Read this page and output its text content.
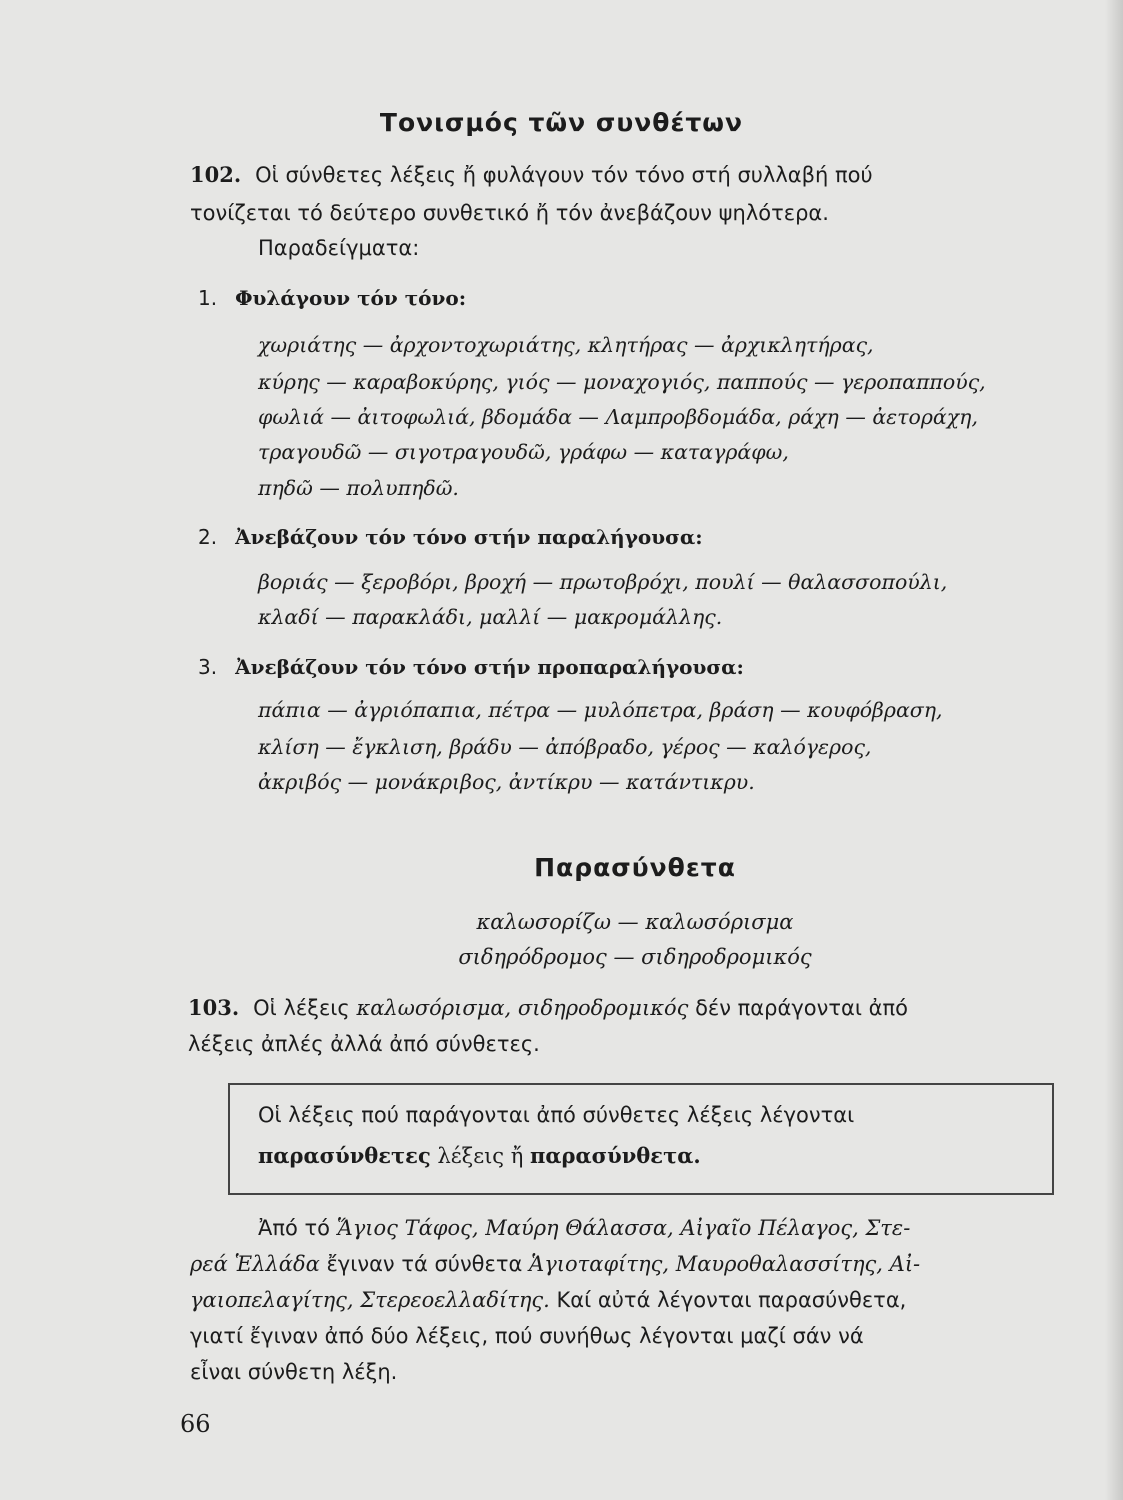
Τονισμός τῶν συνθέτων
102. Οἱ σύνθετες λέξεις ἤ φυλάγουν τόν τόνο στή συλλαβή πού
τονίζεται τό δεύτερο συνθετικό ἤ τόν ἀνεβάζουν ψηλότερα.
Παραδείγματα:
1. Φυλάγουν τόν τόνο:
χωριάτης — ἀρχοντοχωριάτης, κλητήρας — ἀρχικλητήρας,
κύρης — καραβοκύρης, γιός — μοναχογιός, παππούς — γεροπαππούς,
φωλιά — ἀιτοφωλιά, βδομάδα — Λαμπροβδομάδα, ράχη — ἀετοράχη,
τραγουδῶ — σιγοτραγουδῶ, γράφω — καταγράφω,
πηδῶ — πολυπηδῶ.
2. Ἀνεβάζουν τόν τόνο στήν παραλήγουσα:
βοριάς — ξεροβόρι, βροχή — πρωτοβρόχι, πουλί — θαλασσοπούλι,
κλαδί — παρακλάδι, μαλλί — μακρομάλλης.
3. Ἀνεβάζουν τόν τόνο στήν προπαραλήγουσα:
πάπια — ἀγριόπαπια, πέτρα — μυλόπετρα, βράση — κουφόβραση,
κλίση — ἔγκλιση, βράδυ — ἀπόβραδο, γέρος — καλόγερος,
ἀκριβός — μονάκριβος, ἀντίκρυ — κατάντικρυ.
Παρασύνθετα
καλωσορίζω — καλωσόρισμα
σιδηρόδρομος — σιδηροδρομικός
103. Οἱ λέξεις καλωσόρισμα, σιδηροδρομικός δέν παράγονται ἀπό
λέξεις ἀπλές ἀλλά ἀπό σύνθετες.
Οἱ λέξεις πού παράγονται ἀπό σύνθετες λέξεις λέγονται
παρασύνθετες λέξεις ἤ παρασύνθετα.
Ἀπό τό Ἅγιος Τάφος, Μαύρη Θάλασσα, Αἰγαῖο Πέλαγος, Στε-
ρεά Ἑλλάδα ἔγιναν τά σύνθετα Ἁγιοταφίτης, Μαυροθαλασσίτης, Αἰ-
γαιοπελαγίτης, Στερεοελλαδίτης. Καί αὐτά λέγονται παρασύνθετα,
γιατί ἔγιναν ἀπό δύο λέξεις, πού συνήθως λέγονται μαζί σάν νά
εἶναι σύνθετη λέξη.
66
